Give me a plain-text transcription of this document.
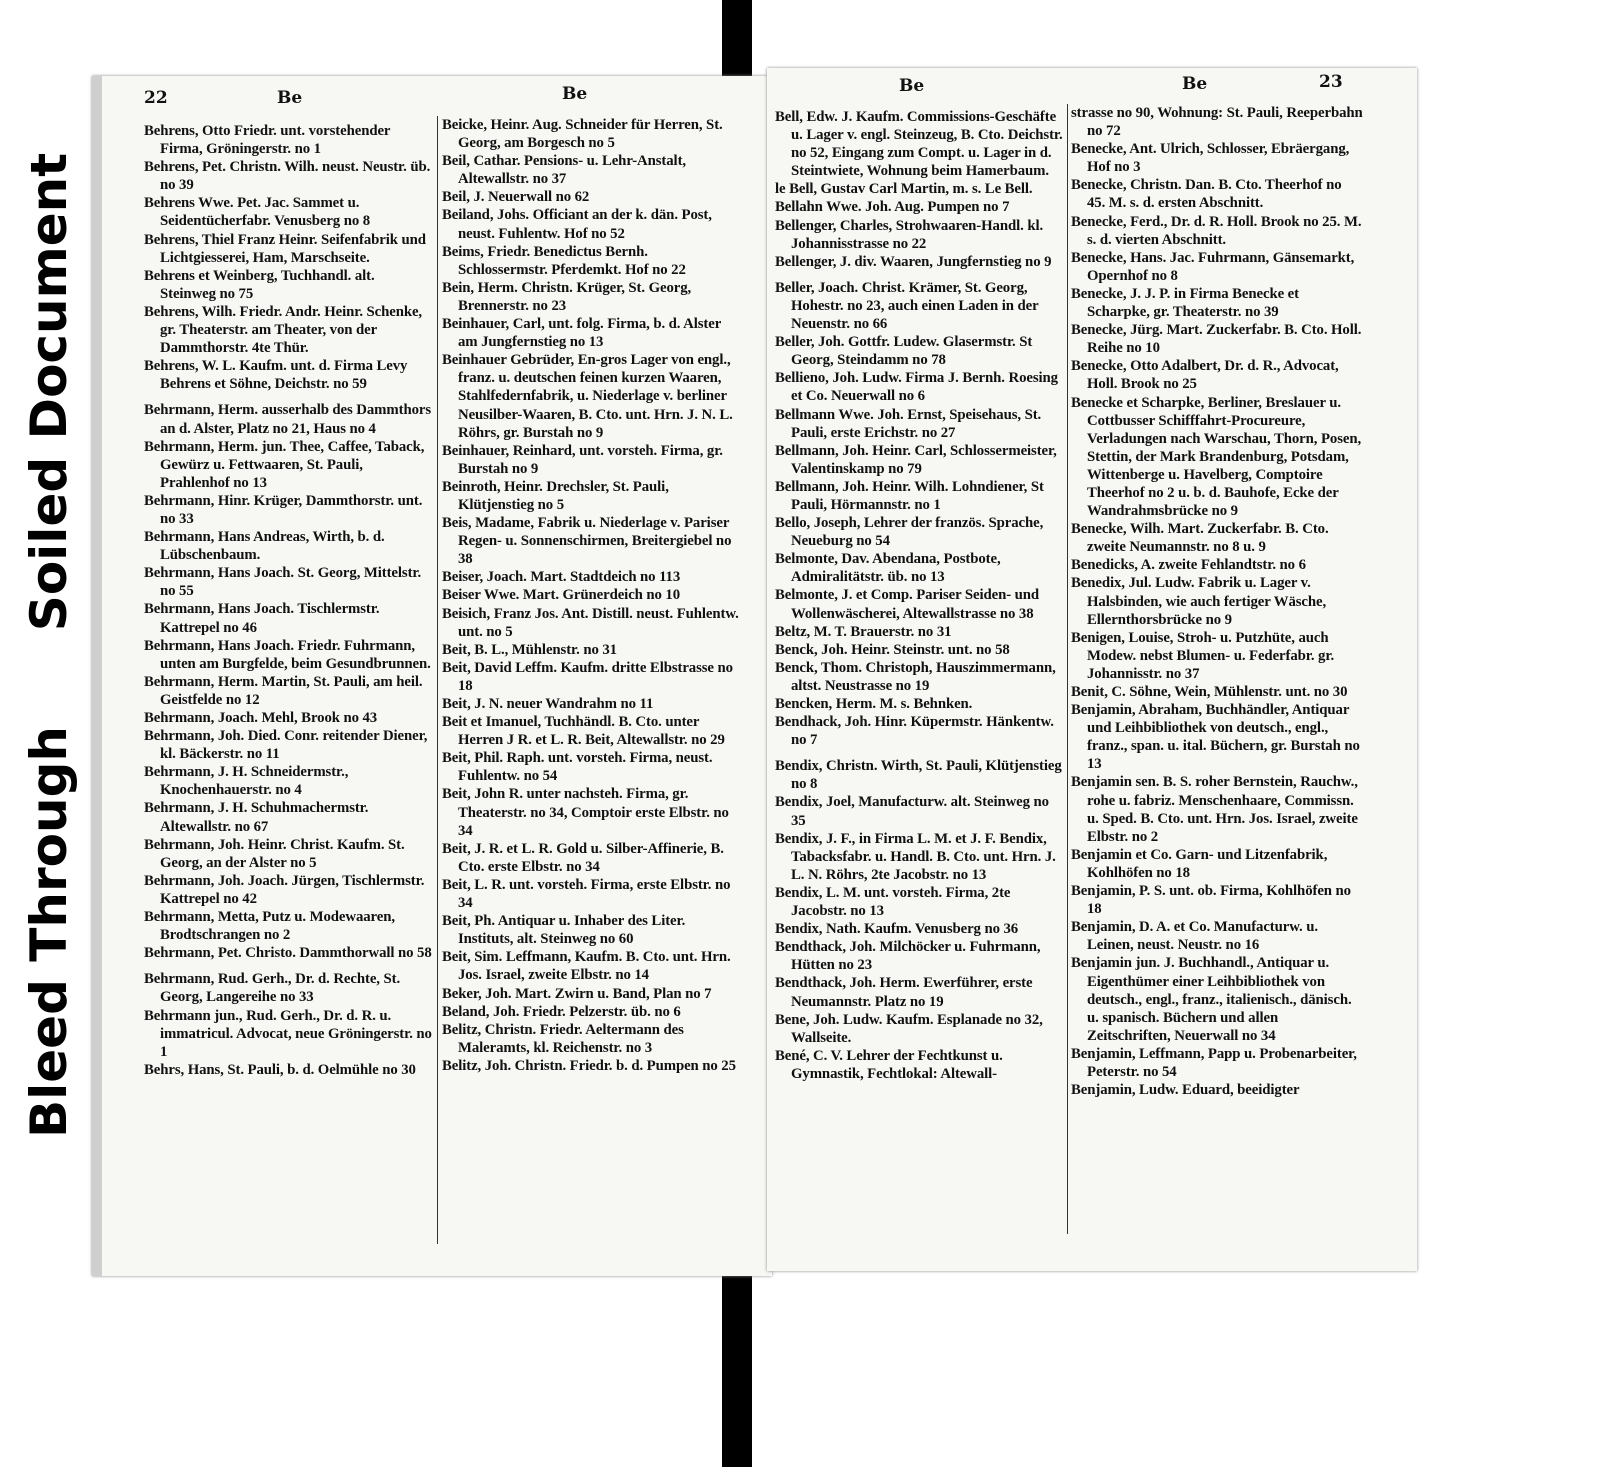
Bleed Through  Soiled Document
22	Be	Be
Behrens, Otto Friedr. unt. vorstehender Firma, Gröningerstr. no 1
Behrens, Pet. Christn. Wilh. neust. Neustr. üb. no 39
Behrens Wwe. Pet. Jac. Sammet u. Seidentücherfabr. Venusberg no 8
Behrens, Thiel Franz Heinr. Seifenfabrik und Lichtgiesserei, Ham, Marschseite.
Behrens et Weinberg, Tuchhandl. alt. Steinweg no 75
Behrens, Wilh. Friedr. Andr. Heinr. Schenke, gr. Theaterstr. am Theater, von der Dammthorstr. 4te Thür.
Behrens, W. L. Kaufm. unt. d. Firma Levy Behrens et Söhne, Deichstr. no 59
Behrmann, Herm. ausserhalb des Dammthors an d. Alster, Platz no 21, Haus no 4
Behrmann, Herm. jun. Thee, Caffee, Taback, Gewürz u. Fettwaaren, St. Pauli, Prahlenhof no 13
Behrmann, Hinr. Krüger, Dammthorstr. unt. no 33
Behrmann, Hans Andreas, Wirth, b. d. Lübschenbaum.
Behrmann, Hans Joach. St. Georg, Mittelstr. no 55
Behrmann, Hans Joach. Tischlermstr. Kattrepel no 46
Behrmann, Hans Joach. Friedr. Fuhrmann, unten am Burgfelde, beim Gesundbrunnen.
Behrmann, Herm. Martin, St. Pauli, am heil. Geistfelde no 12
Behrmann, Joach. Mehl, Brook no 43
Behrmann, Joh. Died. Conr. reitender Diener, kl. Bäckerstr. no 11
Behrmann, J. H. Schneidermstr., Knochenhauerstr. no 4
Behrmann, J. H. Schuhmachermstr. Altewallstr. no 67
Behrmann, Joh. Heinr. Christ. Kaufm. St. Georg, an der Alster no 5
Behrmann, Joh. Joach. Jürgen, Tischlermstr. Kattrepel no 42
Behrmann, Metta, Putz u. Modewaaren, Brodtschrangen no 2
Behrmann, Pet. Christo. Dammthorwall no 58
Behrmann, Rud. Gerh., Dr. d. Rechte, St. Georg, Langereihe no 33
Behrmann jun., Rud. Gerh., Dr. d. R. u. immatricul. Advocat, neue Gröningerstr. no 1
Behrs, Hans, St. Pauli, b. d. Oelmühle no 30
Beicke, Heinr. Aug. Schneider für Herren, St. Georg, am Borgesch no 5
Beil, Cathar. Pensions- u. Lehr-Anstalt, Altewallstr. no 37
Beil, J. Neuerwall no 62
Beiland, Johs. Officiant an der k. dän. Post, neust. Fuhlentw. Hof no 52
Beims, Friedr. Benedictus Bernh. Schlossermstr. Pferdemkt. Hof no 22
Bein, Herm. Christn. Krüger, St. Georg, Brennerstr. no 23
Beinhauer, Carl, unt. folg. Firma, b. d. Alster am Jungfernstieg no 13
Beinhauer Gebrüder, En-gros Lager von engl., franz. u. deutschen feinen kurzen Waaren, Stahlfedernfabrik, u. Niederlage v. berliner Neusilber-Waaren, B. Cto. unt. Hrn. J. N. L. Röhrs, gr. Burstah no 9
Beinhauer, Reinhard, unt. vorsteh. Firma, gr. Burstah no 9
Beinroth, Heinr. Drechsler, St. Pauli, Klütjenstieg no 5
Beis, Madame, Fabrik u. Niederlage v. Pariser Regen- u. Sonnenschirmen, Breitergiebel no 38
Beiser, Joach. Mart. Stadtdeich no 113
Beiser Wwe. Mart. Grünerdeich no 10
Beisich, Franz Jos. Ant. Distill. neust. Fuhlentw. unt. no 5
Beit, B. L., Mühlenstr. no 31
Beit, David Leffm. Kaufm. dritte Elbstrasse no 18
Beit, J. N. neuer Wandrahm no 11
Beit et Imanuel, Tuchhändl. B. Cto. unter Herren J R. et L. R. Beit, Altewallstr. no 29
Beit, Phil. Raph. unt. vorsteh. Firma, neust. Fuhlentw. no 54
Beit, John R. unter nachsteh. Firma, gr. Theaterstr. no 34, Comptoir erste Elbstr. no 34
Beit, J. R. et L. R. Gold u. Silber-Affinerie, B. Cto. erste Elbstr. no 34
Beit, L. R. unt. vorsteh. Firma, erste Elbstr. no 34
Beit, Ph. Antiquar u. Inhaber des Liter. Instituts, alt. Steinweg no 60
Beit, Sim. Leffmann, Kaufm. B. Cto. unt. Hrn. Jos. Israel, zweite Elbstr. no 14
Beker, Joh. Mart. Zwirn u. Band, Plan no 7
Beland, Joh. Friedr. Pelzerstr. üb. no 6
Belitz, Christn. Friedr. Aeltermann des Maleramts, kl. Reichenstr. no 3
Belitz, Joh. Christn. Friedr. b. d. Pumpen no 25
Be	Be	23
Bell, Edw. J. Kaufm. Commissions-Geschäfte u. Lager v. engl. Steinzeug, B. Cto. Deichstr. no 52, Eingang zum Compt. u. Lager in d. Steintwiete, Wohnung beim Hamerbaum.
le Bell, Gustav Carl Martin, m. s. Le Bell.
Bellahn Wwe. Joh. Aug. Pumpen no 7
Bellenger, Charles, Strohwaaren-Handl. kl. Johannisstrasse no 22
Bellenger, J. div. Waaren, Jungfernstieg no 9
Beller, Joach. Christ. Krämer, St. Georg, Hohestr. no 23, auch einen Laden in der Neuenstr. no 66
Beller, Joh. Gottfr. Ludew. Glasermstr. St Georg, Steindamm no 78
Bellieno, Joh. Ludw. Firma J. Bernh. Roesing et Co. Neuerwall no 6
Bellmann Wwe. Joh. Ernst, Speisehaus, St. Pauli, erste Erichstr. no 27
Bellmann, Joh. Heinr. Carl, Schlossermeister, Valentinskamp no 79
Bellmann, Joh. Heinr. Wilh. Lohndiener, St Pauli, Hörmannstr. no 1
Bello, Joseph, Lehrer der französ. Sprache, Neueburg no 54
Belmonte, Dav. Abendana, Postbote, Admiralitätstr. üb. no 13
Belmonte, J. et Comp. Pariser Seiden- und Wollenwäscherei, Altewallstrasse no 38
Beltz, M. T. Brauerstr. no 31
Benck, Joh. Heinr. Steinstr. unt. no 58
Benck, Thom. Christoph, Hauszimmermann, altst. Neustrasse no 19
Bencken, Herm. M. s. Behnken.
Bendhack, Joh. Hinr. Küpermstr. Hänkentw. no 7
Bendix, Christn. Wirth, St. Pauli, Klütjenstieg no 8
Bendix, Joel, Manufacturw. alt. Steinweg no 35
Bendix, J. F., in Firma L. M. et J. F. Bendix, Tabacksfabr. u. Handl. B. Cto. unt. Hrn. J. L. N. Röhrs, 2te Jacobstr. no 13
Bendix, L. M. unt. vorsteh. Firma, 2te Jacobstr. no 13
Bendix, Nath. Kaufm. Venusberg no 36
Bendthack, Joh. Milchöcker u. Fuhrmann, Hütten no 23
Bendthack, Joh. Herm. Ewerführer, erste Neumannstr. Platz no 19
Bene, Joh. Ludw. Kaufm. Esplanade no 32, Wallseite.
Bené, C. V. Lehrer der Fechtkunst u. Gymnastik, Fechtlokal: Altewall-
strasse no 90, Wohnung: St. Pauli, Reeperbahn no 72
Benecke, Ant. Ulrich, Schlosser, Ebräergang, Hof no 3
Benecke, Christn. Dan. B. Cto. Theerhof no 45. M. s. d. ersten Abschnitt.
Benecke, Ferd., Dr. d. R. Holl. Brook no 25. M. s. d. vierten Abschnitt.
Benecke, Hans. Jac. Fuhrmann, Gänsemarkt, Opernhof no 8
Benecke, J. J. P. in Firma Benecke et Scharpke, gr. Theaterstr. no 39
Benecke, Jürg. Mart. Zuckerfabr. B. Cto. Holl. Reihe no 10
Benecke, Otto Adalbert, Dr. d. R., Advocat, Holl. Brook no 25
Benecke et Scharpke, Berliner, Breslauer u. Cottbusser Schifffahrt-Procureure, Verladungen nach Warschau, Thorn, Posen, Stettin, der Mark Brandenburg, Potsdam, Wittenberge u. Havelberg, Comptoire Theerhof no 2 u. b. d. Bauhofe, Ecke der Wandrahmsbrücke no 9
Benecke, Wilh. Mart. Zuckerfabr. B. Cto. zweite Neumannstr. no 8 u. 9
Benedicks, A. zweite Fehlandtstr. no 6
Benedix, Jul. Ludw. Fabrik u. Lager v. Halsbinden, wie auch fertiger Wäsche, Ellernthorsbrücke no 9
Benigen, Louise, Stroh- u. Putzhüte, auch Modew. nebst Blumen- u. Federfabr. gr. Johannisstr. no 37
Benit, C. Söhne, Wein, Mühlenstr. unt. no 30
Benjamin, Abraham, Buchhändler, Antiquar und Leihbibliothek von deutsch., engl., franz., span. u. ital. Büchern, gr. Burstah no 13
Benjamin sen. B. S. roher Bernstein, Rauchw., rohe u. fabriz. Menschenhaare, Commissn. u. Sped. B. Cto. unt. Hrn. Jos. Israel, zweite Elbstr. no 2
Benjamin et Co. Garn- und Litzenfabrik, Kohlhöfen no 18
Benjamin, P. S. unt. ob. Firma, Kohlhöfen no 18
Benjamin, D. A. et Co. Manufacturw. u. Leinen, neust. Neustr. no 16
Benjamin jun. J. Buchhandl., Antiquar u. Eigenthümer einer Leihbibliothek von deutsch., engl., franz., italienisch., dänisch. u. spanisch. Büchern und allen Zeitschriften, Neuerwall no 34
Benjamin, Leffmann, Papp u. Probenarbeiter, Peterstr. no 54
Benjamin, Ludw. Eduard, beeidigter
